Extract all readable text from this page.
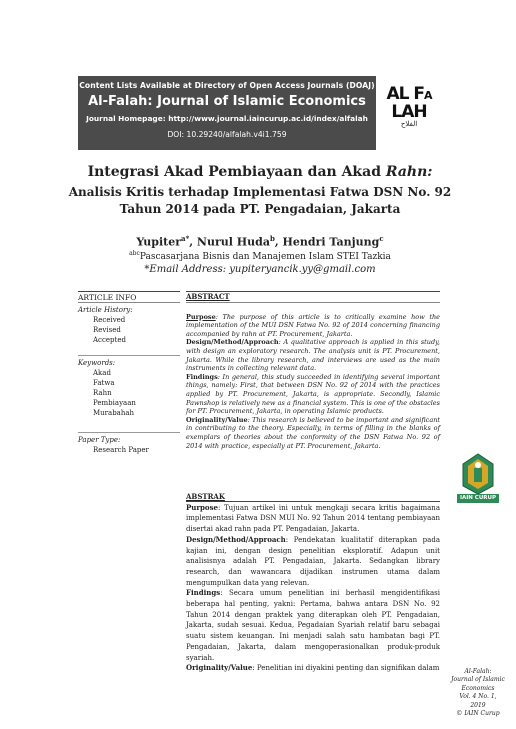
Content Lists Available at Directory of Open Access Journals (DOAJ)
Al-Falah: Journal of Islamic Economics
Journal Homepage: http://www.journal.iaincurup.ac.id/index/alfalah
DOI: 10.29240/alfalah.v4i1.759
AL FA
LAH
الفلاح
Integrasi Akad Pembiayaan dan Akad Rahn:
Analisis Kritis terhadap Implementasi Fatwa DSN No. 92 Tahun 2014 pada PT. Pengadaian, Jakarta
Yupiter$^{a*}$, Nurul Huda$^b$, Hendri Tanjung$^c$
$^{abc}$Pascasarjana Bisnis dan Manajemen Islam STEI Tazkia
*Email Address: yupiteryancik.yy@gmail.com
ARTICLE INFO
Article History:
Received
Revised
Accepted
Keywords:
Akad
Fatwa
Rahn
Pembiayaan
Murabahah
Paper Type:
Research Paper
ABSTRACT
Purpose: The purpose of this article is to critically examine how the implementation of the MUI DSN Fatwa No. 92 of 2014 concerning financing accompanied by rahn at PT. Procurement, Jakarta.
Design/Method/Approach: A qualitative approach is applied in this study, with design an exploratory research. The analysis unit is PT. Procurement, Jakarta. While the library research, and interviews are used as the main instruments in collecting relevant data.
Findings: In general, this study succeeded in identifying several important things, namely: First, that between DSN No. 92 of 2014 with the practices applied by PT. Procurement, Jakarta, is appropriate. Secondly, Islamic Pawnshop is relatively new as a financial system. This is one of the obstacles for PT. Procurement, Jakarta, in operating Islamic products.
Originality/Value: This research is believed to be important and significant in contributing to the theory. Especially, in terms of filling in the blanks of exemplars of theories about the conformity of the DSN Fatwa No. 92 of 2014 with practice, especially at PT. Procurement, Jakarta.
ABSTRAK
Purpose: Tujuan artikel ini untuk mengkaji secara kritis bagaimana implementasi Fatwa DSN MUI No. 92 Tahun 2014 tentang pembiayaan disertai akad rahn pada PT. Pengadaian, Jakarta.
Design/Method/Approach: Pendekatan kualitatif diterapkan pada kajian ini, dengan design penelitian eksploratif. Adapun unit analisisnya adalah PT. Pengadaian, Jakarta. Sedangkan library research, dan wawancara dijadikan instrumen utama dalam mengumpulkan data yang relevan.
Findings: Secara umum penelitian ini berhasil mengidentifikasi beberapa hal penting, yakni: Pertama, bahwa antara DSN No. 92 Tahun 2014 dengan praktek yang diterapkan oleh PT. Pengadaian, Jakarta, sudah sesuai. Kedua, Pegadaian Syariah relatif baru sebagai suatu sistem keuangan. Ini menjadi salah satu hambatan bagi PT. Pengadaian, Jakarta, dalam mengoperasionalkan produk-produk syariah.
Originality/Value: Penelitian ini diyakini penting dan signifikan dalam
IAIN CURUP
Al-Falah:
Journal of Islamic
Economics
Vol. 4 No. 1,
2019
© IAIN Curup
